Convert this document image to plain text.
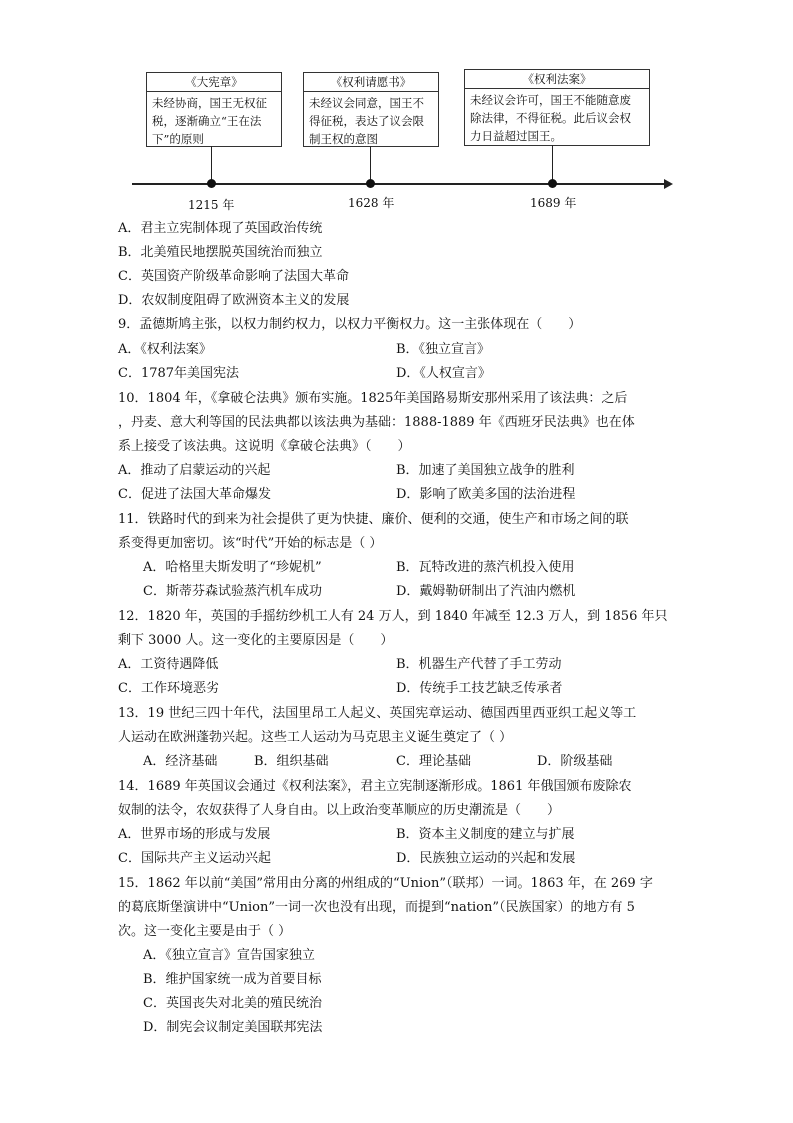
《大宪章》
未经协商，国王无权征
税，逐渐确立“王在法
下”的原则
《权利请愿书》
未经议会同意，国王不
得征税，表达了议会限
制王权的意图
《权利法案》
未经议会许可，国王不能随意废
除法律，不得征税。此后议会权
力日益超过国王。
1215 年	1628 年	1689 年
A．君主立宪制体现了英国政治传统
B．北美殖民地摆脱英国统治而独立
C．英国资产阶级革命影响了法国大革命
D．农奴制度阻碍了欧洲资本主义的发展
9．孟德斯鸠主张，以权力制约权力，以权力平衡权力。这一主张体现在（　　）
A．《权利法案》	B．《独立宣言》
C．1787年美国宪法	D．《人权宣言》
10．1804 年，《拿破仑法典》颁布实施。1825年美国路易斯安那州采用了该法典：之后
，丹麦、意大利等国的民法典都以该法典为基础：1888-1889 年《西班牙民法典》也在体
系上接受了该法典。这说明《拿破仑法典》（　　）
A．推动了启蒙运动的兴起	B．加速了美国独立战争的胜利
C．促进了法国大革命爆发	D．影响了欧美多国的法治进程
11．铁路时代的到来为社会提供了更为快捷、廉价、便利的交通，使生产和市场之间的联
系变得更加密切。该“时代”开始的标志是（ ）
A．哈格里夫斯发明了“珍妮机”	B．瓦特改进的蒸汽机投入使用
C．斯蒂芬森试验蒸汽机车成功	D．戴姆勒研制出了汽油内燃机
12．1820 年，英国的手摇纺纱机工人有 24 万人，到 1840 年减至 12.3 万人，到 1856 年只
剩下 3000 人。这一变化的主要原因是（　　）
A．工资待遇降低	B．机器生产代替了手工劳动
C．工作环境恶劣	D．传统手工技艺缺乏传承者
13．19 世纪三四十年代，法国里昂工人起义、英国宪章运动、德国西里西亚织工起义等工
人运动在欧洲蓬勃兴起。这些工人运动为马克思主义诞生奠定了（ ）
A．经济基础	B．组织基础	C．理论基础	D．阶级基础
14．1689 年英国议会通过《权利法案》，君主立宪制逐渐形成。1861 年俄国颁布废除农
奴制的法令，农奴获得了人身自由。以上政治变革顺应的历史潮流是（　　）
A．世界市场的形成与发展	B．资本主义制度的建立与扩展
C．国际共产主义运动兴起	D．民族独立运动的兴起和发展
15．1862 年以前“美国”常用由分离的州组成的“Union”（联邦）一词。1863 年，在 269 字
的葛底斯堡演讲中“Union”一词一次也没有出现，而提到“nation”（民族国家）的地方有 5
次。这一变化主要是由于（ ）
A．《独立宣言》宣告国家独立
B．维护国家统一成为首要目标
C．英国丧失对北美的殖民统治
D．制宪会议制定美国联邦宪法
